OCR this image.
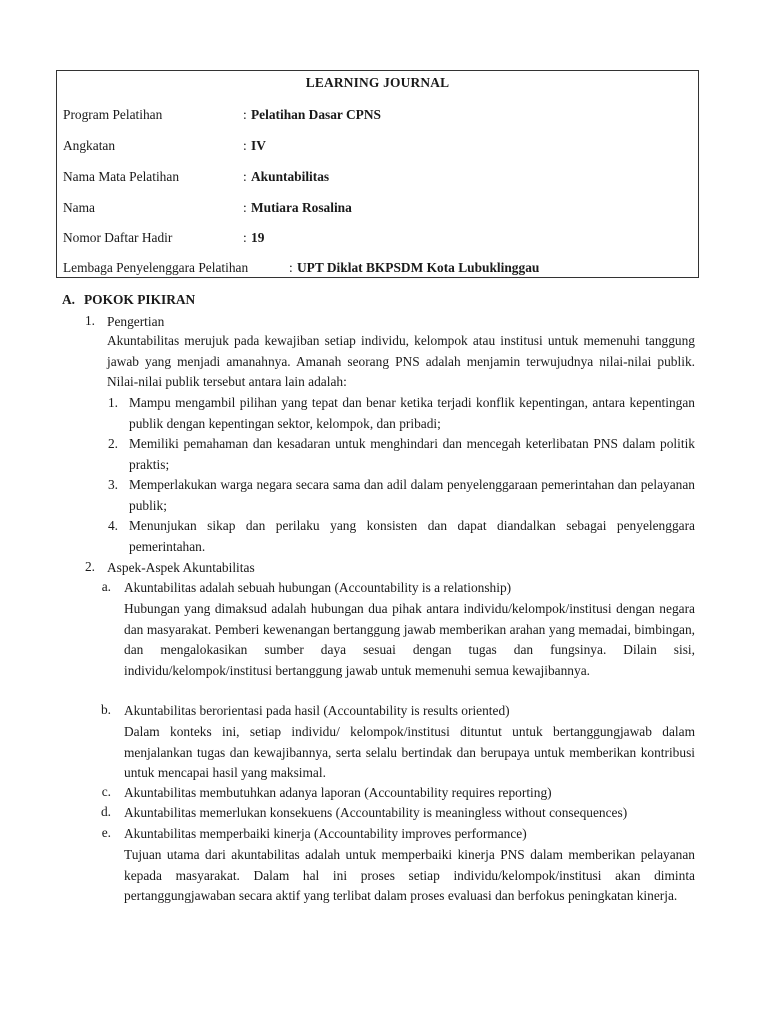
LEARNING JOURNAL
Program Pelatihan	: Pelatihan Dasar CPNS
Angkatan	: IV
Nama Mata Pelatihan	: Akuntabilitas
Nama	: Mutiara Rosalina
Nomor Daftar Hadir	: 19
Lembaga Penyelenggara Pelatihan	: UPT Diklat BKPSDM Kota Lubuklinggau
A. POKOK PIKIRAN
1. Pengertian
Akuntabilitas merujuk pada kewajiban setiap individu, kelompok atau institusi untuk memenuhi tanggung jawab yang menjadi amanahnya. Amanah seorang PNS adalah menjamin terwujudnya nilai-nilai publik. Nilai-nilai publik tersebut antara lain adalah:
1. Mampu mengambil pilihan yang tepat dan benar ketika terjadi konflik kepentingan, antara kepentingan publik dengan kepentingan sektor, kelompok, dan pribadi;
2. Memiliki pemahaman dan kesadaran untuk menghindari dan mencegah keterlibatan PNS dalam politik praktis;
3. Memperlakukan warga negara secara sama dan adil dalam penyelenggaraan pemerintahan dan pelayanan publik;
4. Menunjukan sikap dan perilaku yang konsisten dan dapat diandalkan sebagai penyelenggara pemerintahan.
2. Aspek-Aspek Akuntabilitas
a. Akuntabilitas adalah sebuah hubungan (Accountability is a relationship)
Hubungan yang dimaksud adalah hubungan dua pihak antara individu/kelompok/institusi dengan negara dan masyarakat. Pemberi kewenangan bertanggung jawab memberikan arahan yang memadai, bimbingan, dan mengalokasikan sumber daya sesuai dengan tugas dan fungsinya. Dilain sisi, individu/kelompok/institusi bertanggung jawab untuk memenuhi semua kewajibannya.
b. Akuntabilitas berorientasi pada hasil (Accountability is results oriented)
Dalam konteks ini, setiap individu/ kelompok/institusi dituntut untuk bertanggungjawab dalam menjalankan tugas dan kewajibannya, serta selalu bertindak dan berupaya untuk memberikan kontribusi untuk mencapai hasil yang maksimal.
c. Akuntabilitas membutuhkan adanya laporan (Accountability requires reporting)
d. Akuntabilitas memerlukan konsekuens (Accountability is meaningless without consequences)
e. Akuntabilitas memperbaiki kinerja (Accountability improves performance)
Tujuan utama dari akuntabilitas adalah untuk memperbaiki kinerja PNS dalam memberikan pelayanan kepada masyarakat. Dalam hal ini proses setiap individu/kelompok/institusi akan diminta pertanggungjawaban secara aktif yang terlibat dalam proses evaluasi dan berfokus peningkatan kinerja.
